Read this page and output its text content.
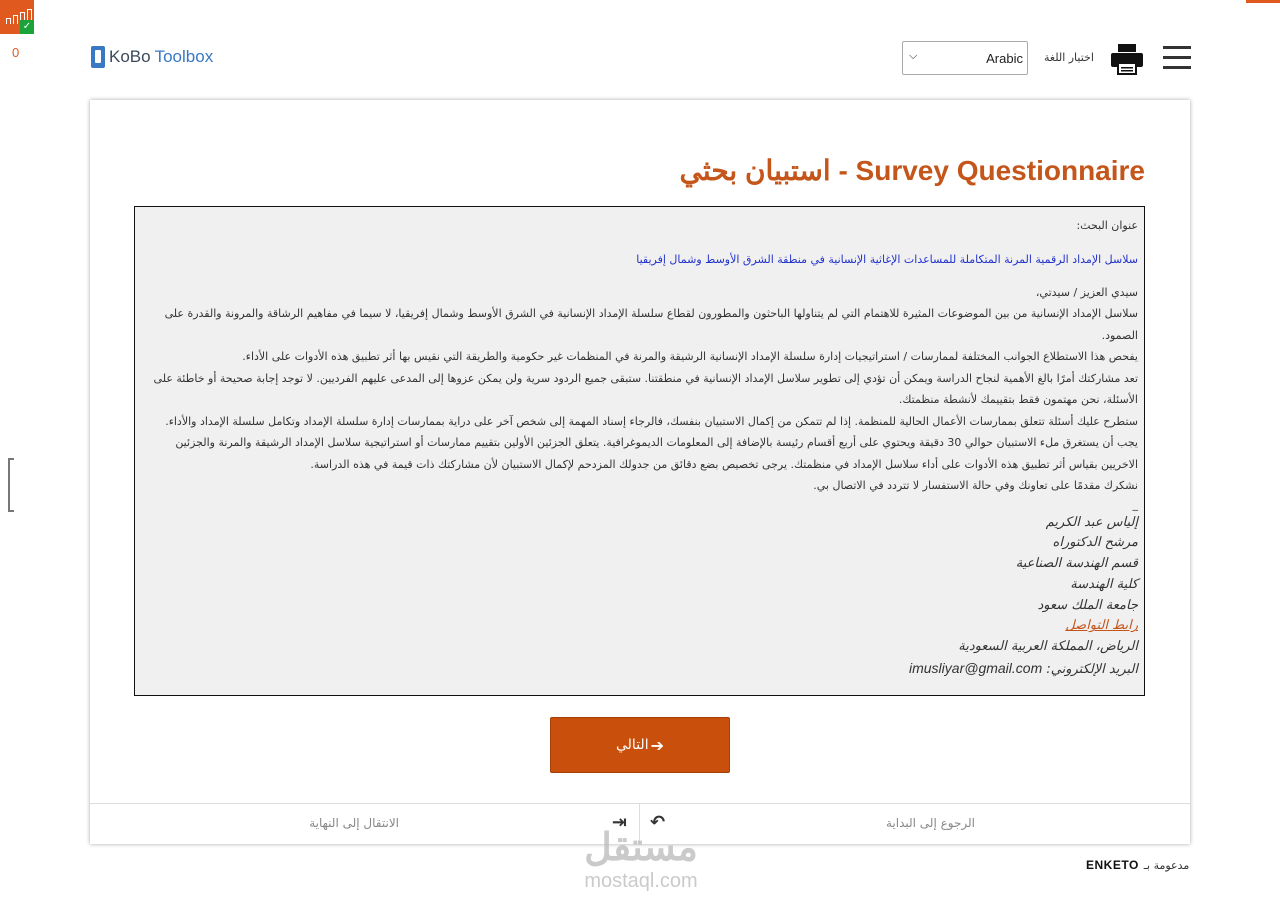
✓
0	KoBo Toolbox	⌵	Arabic اختيار اللغة
استبيان بحثي - Survey Questionnaire

عنوان البحث:

سلاسل الإمداد الرقمية المرنة المتكاملة للمساعدات الإغاثية الإنسانية في منطقة الشرق الأوسط وشمال إفريقيا

سيدي العزيز / سيدتي،

سلاسل الإمداد الإنسانية من بين الموضوعات المثيرة للاهتمام التي لم يتناولها الباحثون والمطورون لقطاع سلسلة الإمداد الإنسانية في الشرق الأوسط وشمال إفريقيا، لا سيما في مفاهيم الرشاقة والمرونة والقدرة على الصمود.

يفحص هذا الاستطلاع الجوانب المختلفة لممارسات / استراتيجيات إدارة سلسلة الإمداد الإنسانية الرشيقة والمرنة في المنظمات غير حكومية والطريقة التي نقيس بها أثر تطبيق هذه الأدوات على الأداء.

تعد مشاركتك أمرًا بالغ الأهمية لنجاح الدراسة ويمكن أن تؤدي إلى تطوير سلاسل الإمداد الإنسانية في منطقتنا. ستبقى جميع الردود سرية ولن يمكن عزوها إلى المدعى عليهم الفرديين. لا توجد إجابة صحيحة أو خاطئة على الأسئلة، نحن مهتمون فقط بتقييمك لأنشطة منظمتك.

ستطرح عليك أسئلة تتعلق بممارسات الأعمال الحالية للمنظمة. إذا لم تتمكن من إكمال الاستبيان بنفسك، فالرجاء إسناد المهمة إلى شخص آخر على دراية بممارسات إدارة سلسلة الإمداد وتكامل سلسلة الإمداد والأداء. يجب أن يستغرق ملء الاستبيان حوالي 30 دقيقة ويحتوي على أربع أقسام رئيسة بالإضافة إلى المعلومات الديموغرافية. يتعلق الجزئين الأولين بتقييم ممارسات أو استراتيجية سلاسل الإمداد الرشيقة والمرنة والجزئين الاخريين بقياس أثر تطبيق هذه الأدوات على أداء سلاسل الإمداد في منظمتك. يرجى تخصيص بضع دقائق من جدولك المزدحم لإكمال الاستبيان لأن مشاركتك ذات قيمة في هذه الدراسة.

نشكرك مقدمًا على تعاونك وفي حالة الاستفسار لا تتردد في الاتصال بي.

_

إلياس عبد الكريم

مرشح الدكتوراه

قسم الهندسة الصناعية

كلية الهندسة

جامعة الملك سعود

رابط التواصل

الرياض، المملكة العربية السعودية

البريد الإلكتروني: imusliyar@gmail.com

➔
التالي
الانتقال إلى النهاية	⇥ ↶	الرجوع إلى البداية
مستقل
mostaql.com
ENKETO مدعومة بـ
